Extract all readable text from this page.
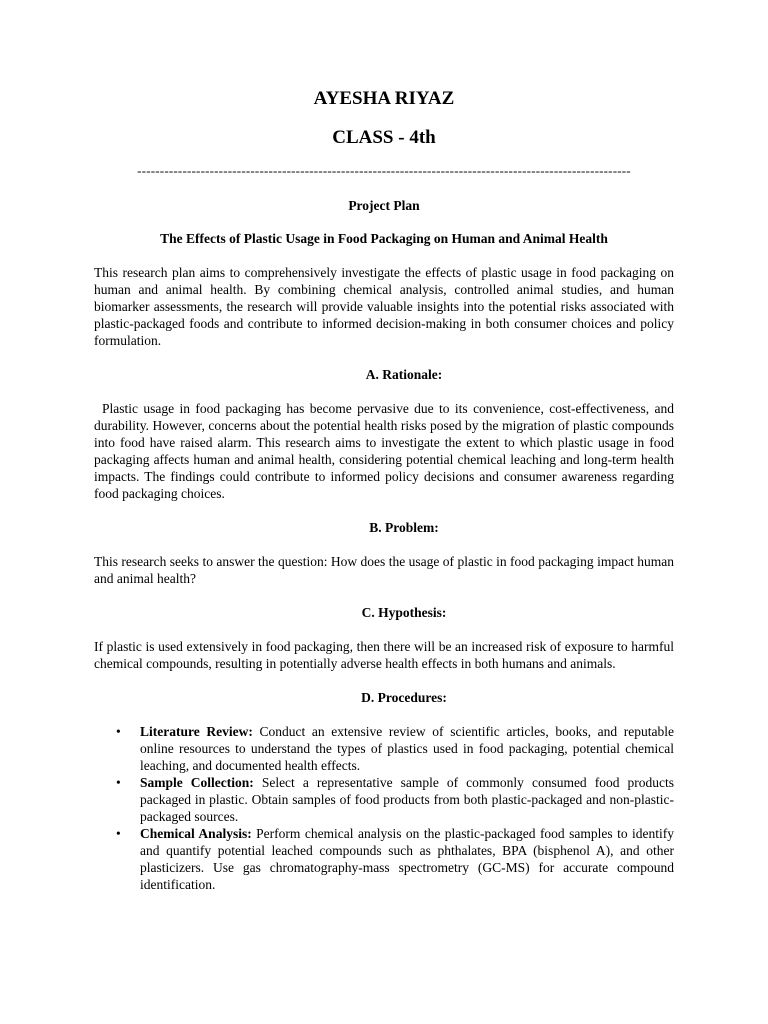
AYESHA RIYAZ
CLASS - 4th
-------------------------------------------------------------------------------------------------------------
Project Plan
The Effects of Plastic Usage in Food Packaging on Human and Animal Health

This research plan aims to comprehensively investigate the effects of plastic usage in food packaging on human and animal health. By combining chemical analysis, controlled animal studies, and human biomarker assessments, the research will provide valuable insights into the potential risks associated with plastic-packaged foods and contribute to informed decision-making in both consumer choices and policy formulation.

A. Rationale:

Plastic usage in food packaging has become pervasive due to its convenience, cost-effectiveness, and durability. However, concerns about the potential health risks posed by the migration of plastic compounds into food have raised alarm. This research aims to investigate the extent to which plastic usage in food packaging affects human and animal health, considering potential chemical leaching and long-term health impacts. The findings could contribute to informed policy decisions and consumer awareness regarding food packaging choices.

B. Problem:

This research seeks to answer the question: How does the usage of plastic in food packaging impact human and animal health?

C. Hypothesis:

If plastic is used extensively in food packaging, then there will be an increased risk of exposure to harmful chemical compounds, resulting in potentially adverse health effects in both humans and animals.

D. Procedures:
• Literature Review: Conduct an extensive review of scientific articles, books, and reputable online resources to understand the types of plastics used in food packaging, potential chemical leaching, and documented health effects.
• Sample Collection: Select a representative sample of commonly consumed food products packaged in plastic. Obtain samples of food products from both plastic-packaged and non-plastic-packaged sources.
• Chemical Analysis: Perform chemical analysis on the plastic-packaged food samples to identify and quantify potential leached compounds such as phthalates, BPA (bisphenol A), and other plasticizers. Use gas chromatography-mass spectrometry (GC-MS) for accurate compound identification.
